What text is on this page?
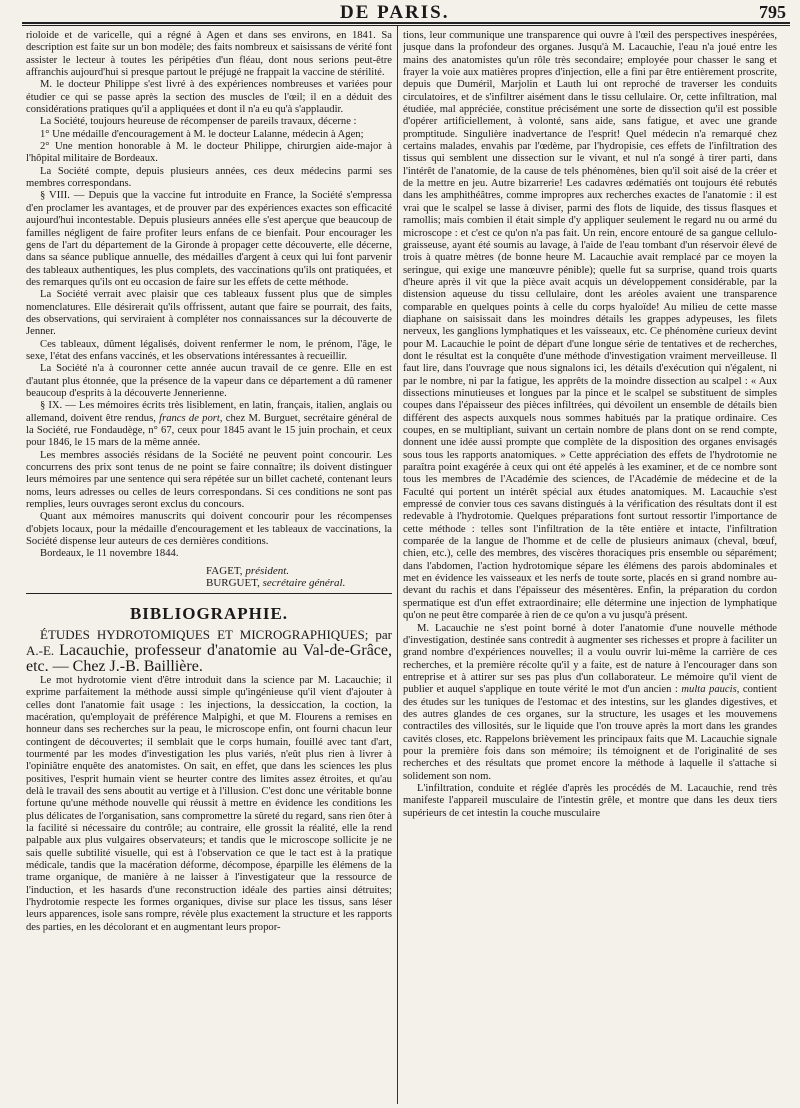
DE PARIS.	795

rioloide et de varicelle, qui a régné à Agen et dans ses environs, en 1841. Sa description est faite sur un bon modèle; des faits nombreux et saisissans de vérité font assister le lecteur à toutes les péripéties d'un fléau, dont nous serions peut-être affranchis aujourd'hui si presque partout le préjugé ne frappait la vaccine de stérilité.

M. le docteur Philippe s'est livré à des expériences nombreuses et variées pour étudier ce qui se passe après la section des muscles de l'œil; il en a déduit des considérations pratiques qu'il a appliquées et dont il n'a eu qu'à s'applaudir.

La Société, toujours heureuse de récompenser de pareils travaux, décerne :

1° Une médaille d'encouragement à M. le docteur Lalanne, médecin à Agen;

2° Une mention honorable à M. le docteur Philippe, chirurgien aide-major à l'hôpital militaire de Bordeaux.

La Société compte, depuis plusieurs années, ces deux médecins parmi ses membres correspondans.

§ VIII. — Depuis que la vaccine fut introduite en France, la Société s'empressa d'en proclamer les avantages, et de prouver par des expériences exactes son efficacité aujourd'hui incontestable. Depuis plusieurs années elle s'est aperçue que beaucoup de familles négligent de faire profiter leurs enfans de ce bienfait. Pour encourager les gens de l'art du département de la Gironde à propager cette découverte, elle décerne, dans sa séance publique annuelle, des médailles d'argent à ceux qui lui font parvenir des tableaux authentiques, les plus complets, des vaccinations qu'ils ont pratiquées, et des remarques qu'ils ont eu occasion de faire sur les effets de cette méthode.

La Société verrait avec plaisir que ces tableaux fussent plus que de simples nomenclatures. Elle désirerait qu'ils offrissent, autant que faire se pourrait, des faits, des observations, qui serviraient à compléter nos connaissances sur la découverte de Jenner.

Ces tableaux, dûment légalisés, doivent renfermer le nom, le prénom, l'âge, le sexe, l'état des enfans vaccinés, et les observations intéressantes à recueillir.

La Société n'a à couronner cette année aucun travail de ce genre. Elle en est d'autant plus étonnée, que la présence de la vapeur dans ce département a dû ramener beaucoup d'esprits à la découverte Jennerienne.

§ IX. — Les mémoires écrits très lisiblement, en latin, français, italien, anglais ou allemand, doivent être rendus, francs de port, chez M. Burguet, secrétaire général de la Société, rue Fondaudège, n° 67, ceux pour 1845 avant le 15 juin prochain, et ceux pour 1846, le 15 mars de la même année.

Les membres associés résidans de la Société ne peuvent point concourir. Les concurrens des prix sont tenus de ne point se faire connaître; ils doivent distinguer leurs mémoires par une sentence qui sera répétée sur un billet cacheté, contenant leurs noms, leurs adresses ou celles de leurs correspondans. Si ces conditions ne sont pas remplies, leurs ouvrages seront exclus du concours.

Quant aux mémoires manuscrits qui doivent concourir pour les récompenses d'objets locaux, pour la médaille d'encouragement et les tableaux de vaccinations, la Société dispense leur auteurs de ces dernières conditions.

Bordeaux, le 11 novembre 1844.

FAGET, président.
BURGUET, secrétaire général.
BIBLIOGRAPHIE.

ÉTUDES HYDROTOMIQUES ET MICROGRAPHIQUES; par A.-E. Lacauchie, professeur d'anatomie au Val-de-Grâce, etc. — Chez J.-B. Baillière.

Le mot hydrotomie vient d'être introduit dans la science par M. Lacauchie; il exprime parfaitement la méthode aussi simple qu'ingénieuse qu'il vient d'ajouter à celles dont l'anatomie fait usage : les injections, la dessiccation, la coction, la macération, qu'employait de préférence Malpighi, et que M. Flourens a remises en honneur dans ses recherches sur la peau, le microscope enfin, ont fourni chacun leur contingent de découvertes; il semblait que le corps humain, fouillé avec tant d'art, tourmenté par les modes d'investigation les plus variés, n'eût plus rien à livrer à l'opiniâtre enquête des anatomistes. On sait, en effet, que dans les sciences les plus positives, l'esprit humain vient se heurter contre des limites assez étroites, et qu'au delà le travail des sens aboutit au vertige et à l'illusion. C'est donc une véritable bonne fortune qu'une méthode nouvelle qui réussit à mettre en évidence les conditions les plus délicates de l'organisation, sans compromettre la sûreté du regard, sans rien ôter à la facilité si nécessaire du contrôle; au contraire, elle grossit la réalité, elle la rend palpable aux plus vulgaires observateurs; et tandis que le microscope sollicite je ne sais quelle subtilité visuelle, qui est à l'observation ce que le tact est à la pratique médicale, tandis que la macération déforme, décompose, éparpille les élémens de la trame organique, de manière à ne laisser à l'investigateur que la ressource de l'induction, et les hasards d'une reconstruction idéale des parties ainsi détruites; l'hydrotomie respecte les formes organiques, divise sur place les tissus, sans léser leurs apparences, isole sans rompre, révèle plus exactement la structure et les rapports des parties, en les décolorant et en augmentant leurs propor-

tions, leur communique une transparence qui ouvre à l'œil des perspectives inespérées, jusque dans la profondeur des organes. Jusqu'à M. Lacauchie, l'eau n'a joué entre les mains des anatomistes qu'un rôle très secondaire; employée pour chasser le sang et frayer la voie aux matières propres d'injection, elle a fini par être entièrement proscrite, depuis que Duméril, Marjolin et Lauth lui ont reproché de traverser les conduits circulatoires, et de s'infiltrer aisément dans le tissu cellulaire. Or, cette infiltration, mal étudiée, mal appréciée, constitue précisément une sorte de dissection qu'il est possible d'opérer artificiellement, à volonté, sans aide, sans fatigue, et avec une grande promptitude. Singulière inadvertance de l'esprit! Quel médecin n'a remarqué chez certains malades, envahis par l'œdème, par l'hydropisie, ces effets de l'infiltration des tissus qui semblent une dissection sur le vivant, et nul n'a songé à tirer parti, dans l'intérêt de l'anatomie, de la cause de tels phénomènes, bien qu'il soit aisé de la créer et de la mettre en jeu. Autre bizarrerie! Les cadavres œdématiés ont toujours été rebutés dans les amphithéâtres, comme impropres aux recherches exactes de l'anatomie : il est vrai que le scalpel se lasse à diviser, parmi des flots de liquide, des tissus flasques et ramollis; mais combien il était simple d'y appliquer seulement le regard nu ou armé du microscope : et c'est ce qu'on n'a pas fait. Un rein, encore entouré de sa gangue cellulo-graisseuse, ayant été soumis au lavage, à l'aide de l'eau tombant d'un réservoir élevé de trois à quatre mètres (de bonne heure M. Lacauchie avait remplacé par ce moyen la seringue, qui exige une manœuvre pénible); quelle fut sa surprise, quand trois quarts d'heure après il vit que la pièce avait acquis un développement considérable, par la distension aqueuse du tissu cellulaire, dont les aréoles avaient une transparence comparable en quelques points à celle du corps hyaloïde! Au milieu de cette masse diaphane on saisissait dans les moindres détails les grappes adypeuses, les filets nerveux, les ganglions lymphatiques et les vaisseaux, etc. Ce phénomène curieux devint pour M. Lacauchie le point de départ d'une longue série de tentatives et de recherches, dont le résultat est la conquête d'une méthode d'investigation vraiment merveilleuse. Il faut lire, dans l'ouvrage que nous signalons ici, les détails d'exécution qui n'égalent, ni par le nombre, ni par la fatigue, les apprêts de la moindre dissection au scalpel : « Aux dissections minutieuses et longues par la pince et le scalpel se substituent de simples coupes dans l'épaisseur des pièces infiltrées, qui dévoilent un ensemble de détails bien différent des aspects auxquels nous sommes habitués par la pratique ordinaire. Ces coupes, en se multipliant, suivant un certain nombre de plans dont on se rend compte, donnent une idée aussi prompte que complète de la disposition des organes envisagés sous tous les rapports anatomiques. » Cette appréciation des effets de l'hydrotomie ne paraîtra point exagérée à ceux qui ont été appelés à les examiner, et de ce nombre sont tous les membres de l'Académie des sciences, de l'Académie de médecine et de la Faculté qui portent un intérêt spécial aux études anatomiques. M. Lacauchie s'est empressé de convier tous ces savans distingués à la vérification des résultats dont il est redevable à l'hydrotomie. Quelques préparations font surtout ressortir l'importance de cette méthode : telles sont l'infiltration de la tête entière et intacte, l'infiltration comparée de la langue de l'homme et de celle de plusieurs animaux (cheval, bœuf, chien, etc.), celle des membres, des viscères thoraciques pris ensemble ou séparément; dans l'abdomen, l'action hydrotomique sépare les élémens des parois abdominales et met en évidence les vaisseaux et les nerfs de toute sorte, placés en si grand nombre au-devant du rachis et dans l'épaisseur des mésentères. Enfin, la préparation du cordon spermatique est d'un effet extraordinaire; elle détermine une injection de lymphatique qu'on ne peut être comparée à rien de ce qu'on a vu jusqu'à présent.

M. Lacauchie ne s'est point borné à doter l'anatomie d'une nouvelle méthode d'investigation, destinée sans contredit à augmenter ses richesses et propre à faciliter un grand nombre d'expériences nouvelles; il a voulu ouvrir lui-même la carrière de ces recherches, et la première récolte qu'il y a faite, est de nature à l'encourager dans son entreprise et à attirer sur ses pas plus d'un collaborateur. Le mémoire qu'il vient de publier et auquel s'applique en toute vérité le mot d'un ancien : multa paucis, contient des études sur les tuniques de l'estomac et des intestins, sur les glandes digestives, et des autres glandes de ces organes, sur la structure, les usages et les mouvemens contractiles des villosités, sur le liquide que l'on trouve après la mort dans les grandes cavités closes, etc. Rappelons brièvement les principaux faits que M. Lacauchie signale pour la première fois dans son mémoire; ils témoignent et de l'originalité de ses recherches et des résultats que promet encore la méthode à laquelle il s'attache si solidement son nom.

L'infiltration, conduite et réglée d'après les procédés de M. Lacauchie, rend très manifeste l'appareil musculaire de l'intestin grêle, et montre que dans les deux tiers supérieurs de cet intestin la couche musculaire
